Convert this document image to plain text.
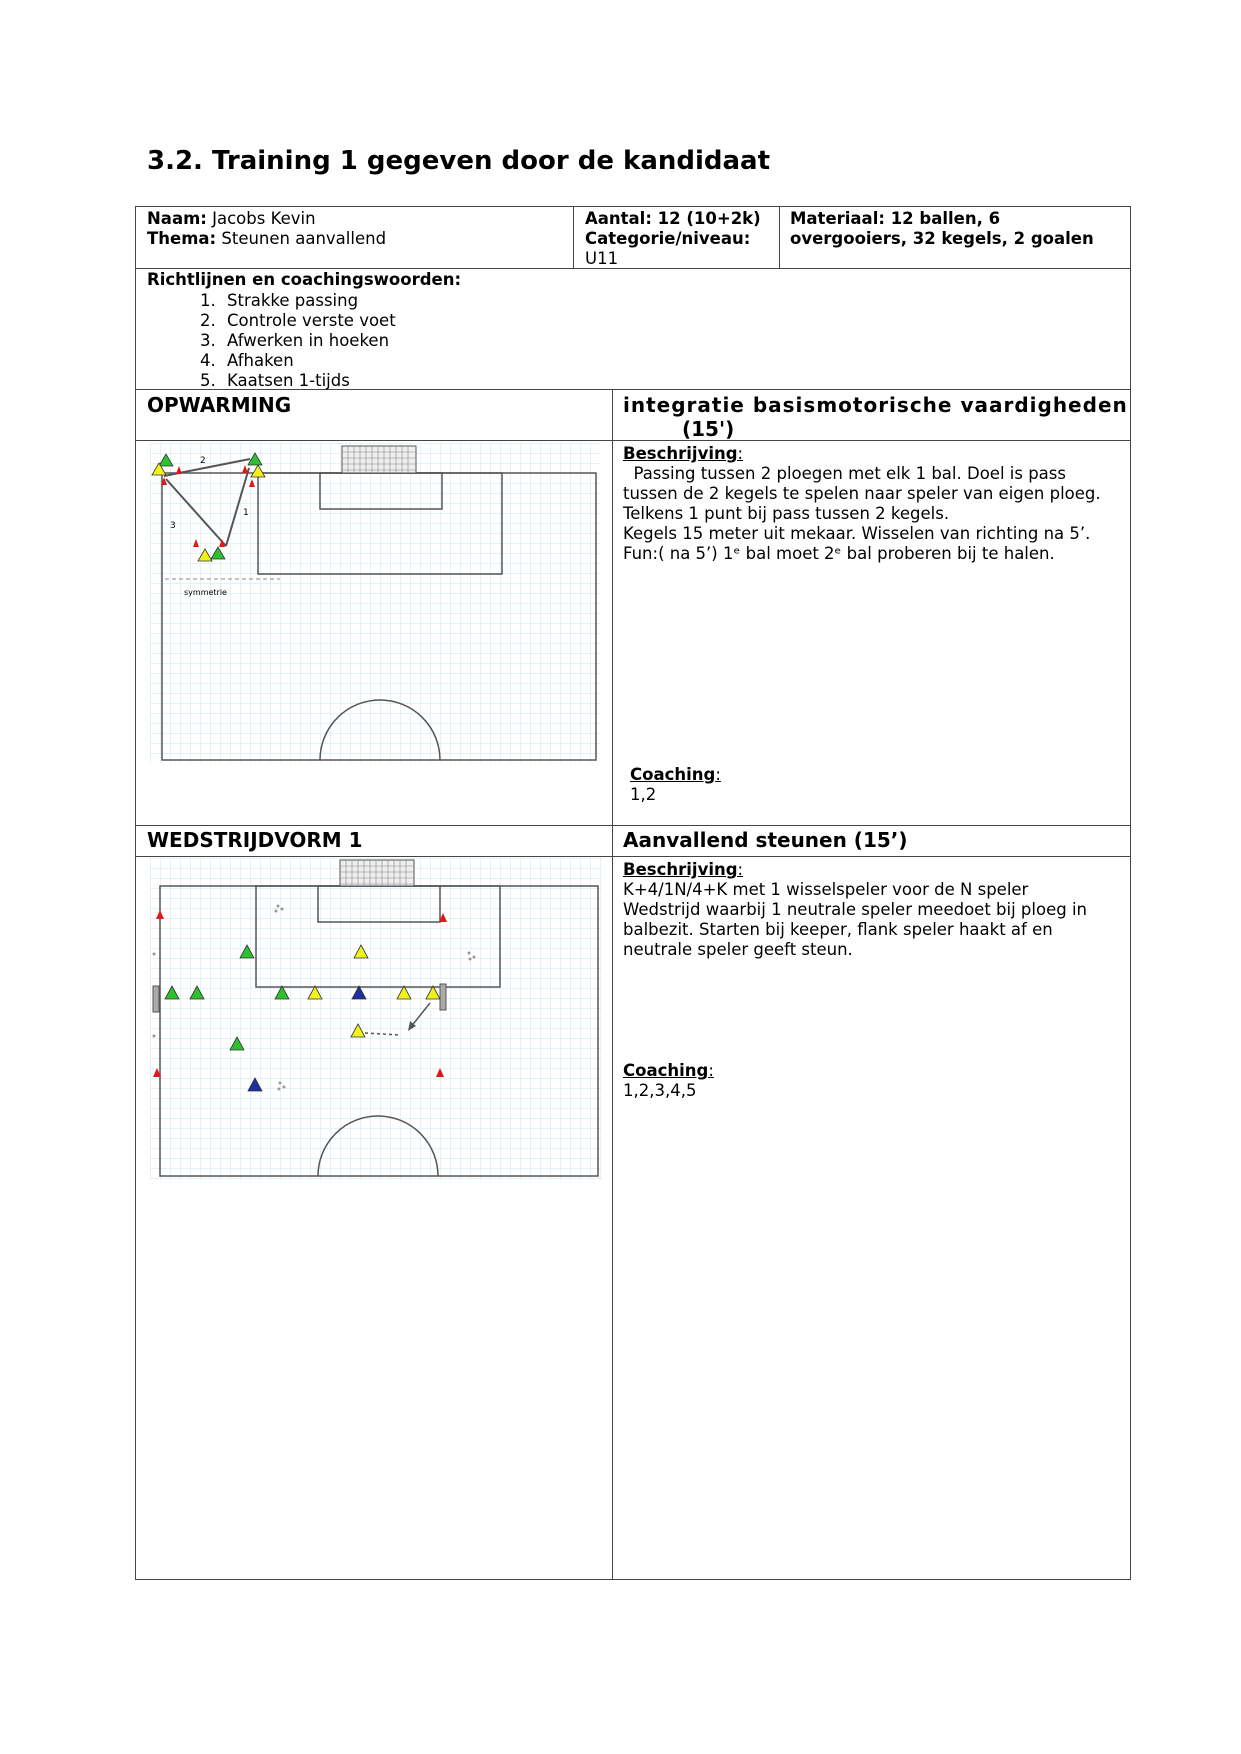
3.2. Training 1 gegeven door de kandidaat
Naam: Jacobs Kevin
Thema: Steunen aanvallend
Aantal: 12 (10+2k)
Categorie/niveau:
U11
Materiaal: 12 ballen, 6
overgooiers, 32 kegels, 2 goalen
Richtlijnen en coachingswoorden:
1. Strakke passing
2. Controle verste voet
3. Afwerken in hoeken
4. Afhaken
5. Kaatsen 1-tijds
OPWARMING	integratie basismotorische vaardigheden
(15')
Beschrijving:
Passing tussen 2 ploegen met elk 1 bal. Doel is pass
tussen de 2 kegels te spelen naar speler van eigen ploeg.
Telkens 1 punt bij pass tussen 2 kegels.
Kegels 15 meter uit mekaar. Wisselen van richting na 5’.
Fun:( na 5’) 1ᵉ bal moet 2ᵉ bal proberen bij te halen.
Coaching:
1,2
2
3
1
symmetrie
WEDSTRIJDVORM 1	Aanvallend steunen (15’)
Beschrijving:
K+4/1N/4+K met 1 wisselspeler voor de N speler
Wedstrijd waarbij 1 neutrale speler meedoet bij ploeg in
balbezit. Starten bij keeper, flank speler haakt af en
neutrale speler geeft steun.
Coaching:
1,2,3,4,5
